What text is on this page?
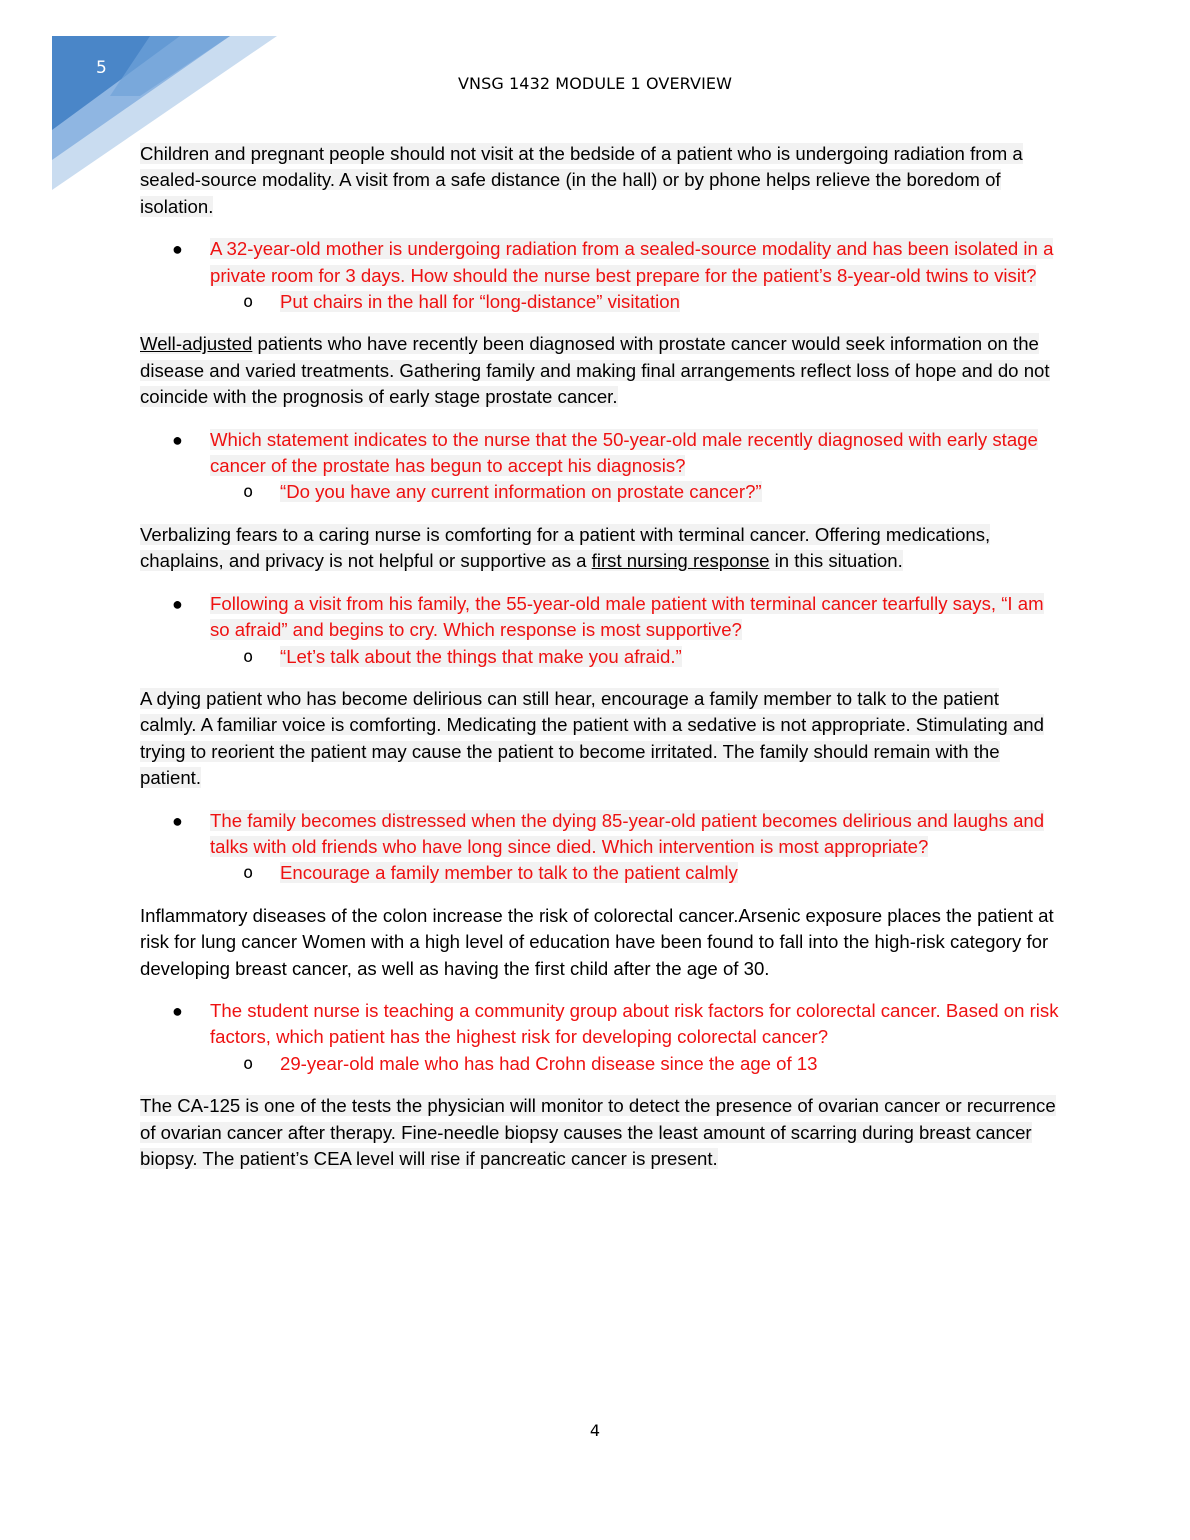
5
VNSG 1432 MODULE 1 OVERVIEW

Children and pregnant people should not visit at the bedside of a patient who is undergoing radiation from a sealed-source modality. A visit from a safe distance (in the hall) or by phone helps relieve the boredom of isolation.

● A 32-year-old mother is undergoing radiation from a sealed-source modality and has been isolated in a private room for 3 days. How should the nurse best prepare for the patient’s 8-year-old twins to visit?

o Put chairs in the hall for “long-distance” visitation

Well-adjusted patients who have recently been diagnosed with prostate cancer would seek information on the disease and varied treatments. Gathering family and making final arrangements reflect loss of hope and do not coincide with the prognosis of early stage prostate cancer.

● Which statement indicates to the nurse that the 50-year-old male recently diagnosed with early stage cancer of the prostate has begun to accept his diagnosis?

o “Do you have any current information on prostate cancer?”

Verbalizing fears to a caring nurse is comforting for a patient with terminal cancer. Offering medications, chaplains, and privacy is not helpful or supportive as a first nursing response in this situation.

● Following a visit from his family, the 55-year-old male patient with terminal cancer tearfully says, “I am so afraid” and begins to cry. Which response is most supportive?

o “Let’s talk about the things that make you afraid.”

A dying patient who has become delirious can still hear, encourage a family member to talk to the patient calmly. A familiar voice is comforting. Medicating the patient with a sedative is not appropriate. Stimulating and trying to reorient the patient may cause the patient to become irritated. The family should remain with the patient.

● The family becomes distressed when the dying 85-year-old patient becomes delirious and laughs and talks with old friends who have long since died. Which intervention is most appropriate?

o Encourage a family member to talk to the patient calmly

Inflammatory diseases of the colon increase the risk of colorectal cancer.Arsenic exposure places the patient at risk for lung cancer Women with a high level of education have been found to fall into the high-risk category for developing breast cancer, as well as having the first child after the age of 30.

● The student nurse is teaching a community group about risk factors for colorectal cancer. Based on risk factors, which patient has the highest risk for developing colorectal cancer?

o 29-year-old male who has had Crohn disease since the age of 13

The CA-125 is one of the tests the physician will monitor to detect the presence of ovarian cancer or recurrence of ovarian cancer after therapy. Fine-needle biopsy causes the least amount of scarring during breast cancer biopsy. The patient’s CEA level will rise if pancreatic cancer is present.

4
